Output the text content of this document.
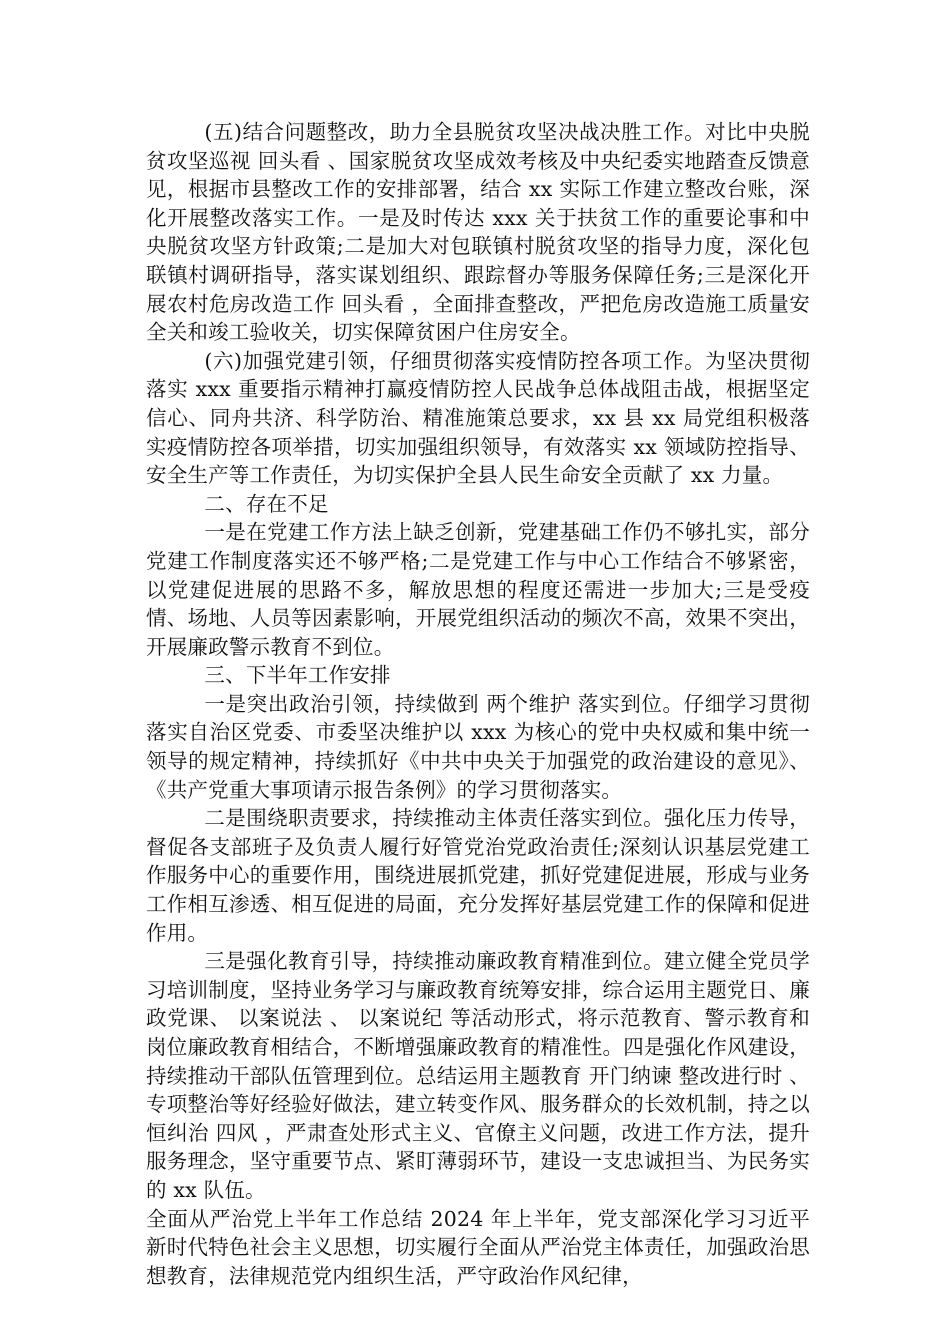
(五)结合问题整改，助力全县脱贫攻坚决战决胜工作。对比中央脱贫攻坚巡视 回头看 、国家脱贫攻坚成效考核及中央纪委实地踏查反馈意见，根据市县整改工作的安排部署，结合 xx 实际工作建立整改台账，深化开展整改落实工作。一是及时传达 xxx 关于扶贫工作的重要论事和中央脱贫攻坚方针政策;二是加大对包联镇村脱贫攻坚的指导力度，深化包联镇村调研指导，落实谋划组织、跟踪督办等服务保障任务;三是深化开展农村危房改造工作 回头看 ，全面排查整改，严把危房改造施工质量安全关和竣工验收关，切实保障贫困户住房安全。

(六)加强党建引领，仔细贯彻落实疫情防控各项工作。为坚决贯彻落实 xxx 重要指示精神打赢疫情防控人民战争总体战阻击战，根据坚定信心、同舟共济、科学防治、精准施策总要求，xx 县 xx 局党组积极落实疫情防控各项举措，切实加强组织领导，有效落实 xx 领域防控指导、安全生产等工作责任，为切实保护全县人民生命安全贡献了 xx 力量。

二、存在不足

一是在党建工作方法上缺乏创新，党建基础工作仍不够扎实，部分党建工作制度落实还不够严格;二是党建工作与中心工作结合不够紧密，以党建促进展的思路不多，解放思想的程度还需进一步加大;三是受疫情、场地、人员等因素影响，开展党组织活动的频次不高，效果不突出，开展廉政警示教育不到位。

三、下半年工作安排

一是突出政治引领，持续做到 两个维护 落实到位。仔细学习贯彻落实自治区党委、市委坚决维护以 xxx 为核心的党中央权威和集中统一领导的规定精神，持续抓好《中共中央关于加强党的政治建设的意见》、《共产党重大事项请示报告条例》的学习贯彻落实。

二是围绕职责要求，持续推动主体责任落实到位。强化压力传导，督促各支部班子及负责人履行好管党治党政治责任;深刻认识基层党建工作服务中心的重要作用，围绕进展抓党建，抓好党建促进展，形成与业务工作相互渗透、相互促进的局面，充分发挥好基层党建工作的保障和促进作用。

三是强化教育引导，持续推动廉政教育精准到位。建立健全党员学习培训制度，坚持业务学习与廉政教育统筹安排，综合运用主题党日、廉政党课、 以案说法 、 以案说纪 等活动形式，将示范教育、警示教育和岗位廉政教育相结合，不断增强廉政教育的精准性。四是强化作风建设，持续推动干部队伍管理到位。总结运用主题教育 开门纳谏 整改进行时 、专项整治等好经验好做法，建立转变作风、服务群众的长效机制，持之以恒纠治 四风 ，严肃查处形式主义、官僚主义问题，改进工作方法，提升服务理念，坚守重要节点、紧盯薄弱环节，建设一支忠诚担当、为民务实的 xx 队伍。

全面从严治党上半年工作总结 2024 年上半年，党支部深化学习习近平新时代特色社会主义思想，切实履行全面从严治党主体责任，加强政治思想教育，法律规范党内组织生活，严守政治作风纪律，
